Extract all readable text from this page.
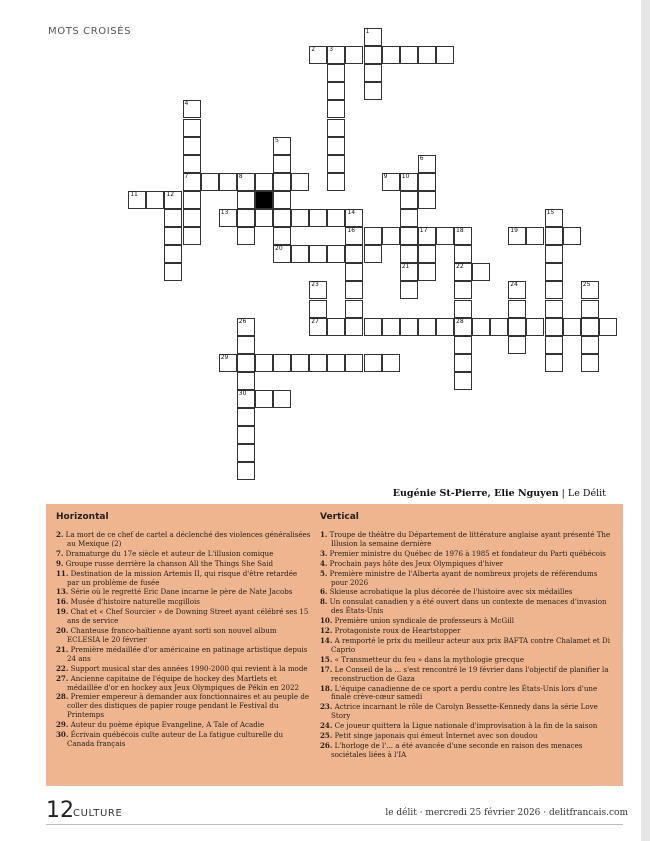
MOTS CROISÉS	1
2 3
4
5
6
7	8	9 10
11	12
13	14	15
16	17	18	19
20
21	22
23	24	25
26	27	28
29
30
Eugénie St-Pierre, Elie Nguyen | Le Délit
Horizontal
2. La mort de ce chef de cartel a déclenché des violences généralisées au Mexique (2)
7. Dramaturge du 17e siècle et auteur de L'illusion comique
9. Groupe russe derrière la chanson All the Things She Said
11. Destination de la mission Artemis II, qui risque d'être retardée par un problème de fusée
13. Série où le regretté Eric Dane incarne le père de Nate Jacobs
16. Musée d'histoire naturelle mcgillois
19. Chat et « Chef Sourcier » de Downing Street ayant célébré ses 15 ans de service
20. Chanteuse franco-haïtienne ayant sorti son nouvel album ECLESIA le 20 février
21. Première médaillée d'or américaine en patinage artistique depuis 24 ans
22. Support musical star des années 1990-2000 qui revient à la mode
27. Ancienne capitaine de l'équipe de hockey des Martlets et médaillée d'or en hockey aux Jeux Olympiques de Pékin en 2022
28. Premier empereur à demander aux fonctionnaires et au peuple de coller des distiques de papier rouge pendant le Festival du Printemps
29. Auteur du poème épique Evangeline, A Tale of Acadie
30. Écrivain québécois culte auteur de La fatigue culturelle du Canada français
Vertical
1. Troupe de théâtre du Département de littérature anglaise ayant présenté The Illusion la semaine dernière
3. Premier ministre du Québec de 1976 à 1985 et fondateur du Parti québécois
4. Prochain pays hôte des Jeux Olympiques d'hiver
5. Première ministre de l'Alberta ayant de nombreux projets de référendums pour 2026
6. Skieuse acrobatique la plus décorée de l'histoire avec six médailles
8. Un consulat canadien y a été ouvert dans un contexte de menaces d'invasion des États-Unis
10. Première union syndicale de professeurs à McGill
12. Protagoniste roux de Heartstopper
14. A remporté le prix du meilleur acteur aux prix BAFTA contre Chalamet et Di Caprio
15. « Transmetteur du feu » dans la mythologie grecque
17. Le Conseil de la ... s'est rencontré le 19 février dans l'objectif de planifier la reconstruction de Gaza
18. L'équipe canadienne de ce sport a perdu contre les États-Unis lors d'une finale crève-cœur samedi
23. Actrice incarnant le rôle de Carolyn Bessette-Kennedy dans la série Love Story
24. Ce joueur quittera la Ligue nationale d'improvisation à la fin de la saison
25. Petit singe japonais qui émeut Internet avec son doudou
26. L'horloge de l'... a été avancée d'une seconde en raison des menaces sociétales liées à l'IA
12 CULTURE	le délit · mercredi 25 février 2026 · delitfrancais.com
